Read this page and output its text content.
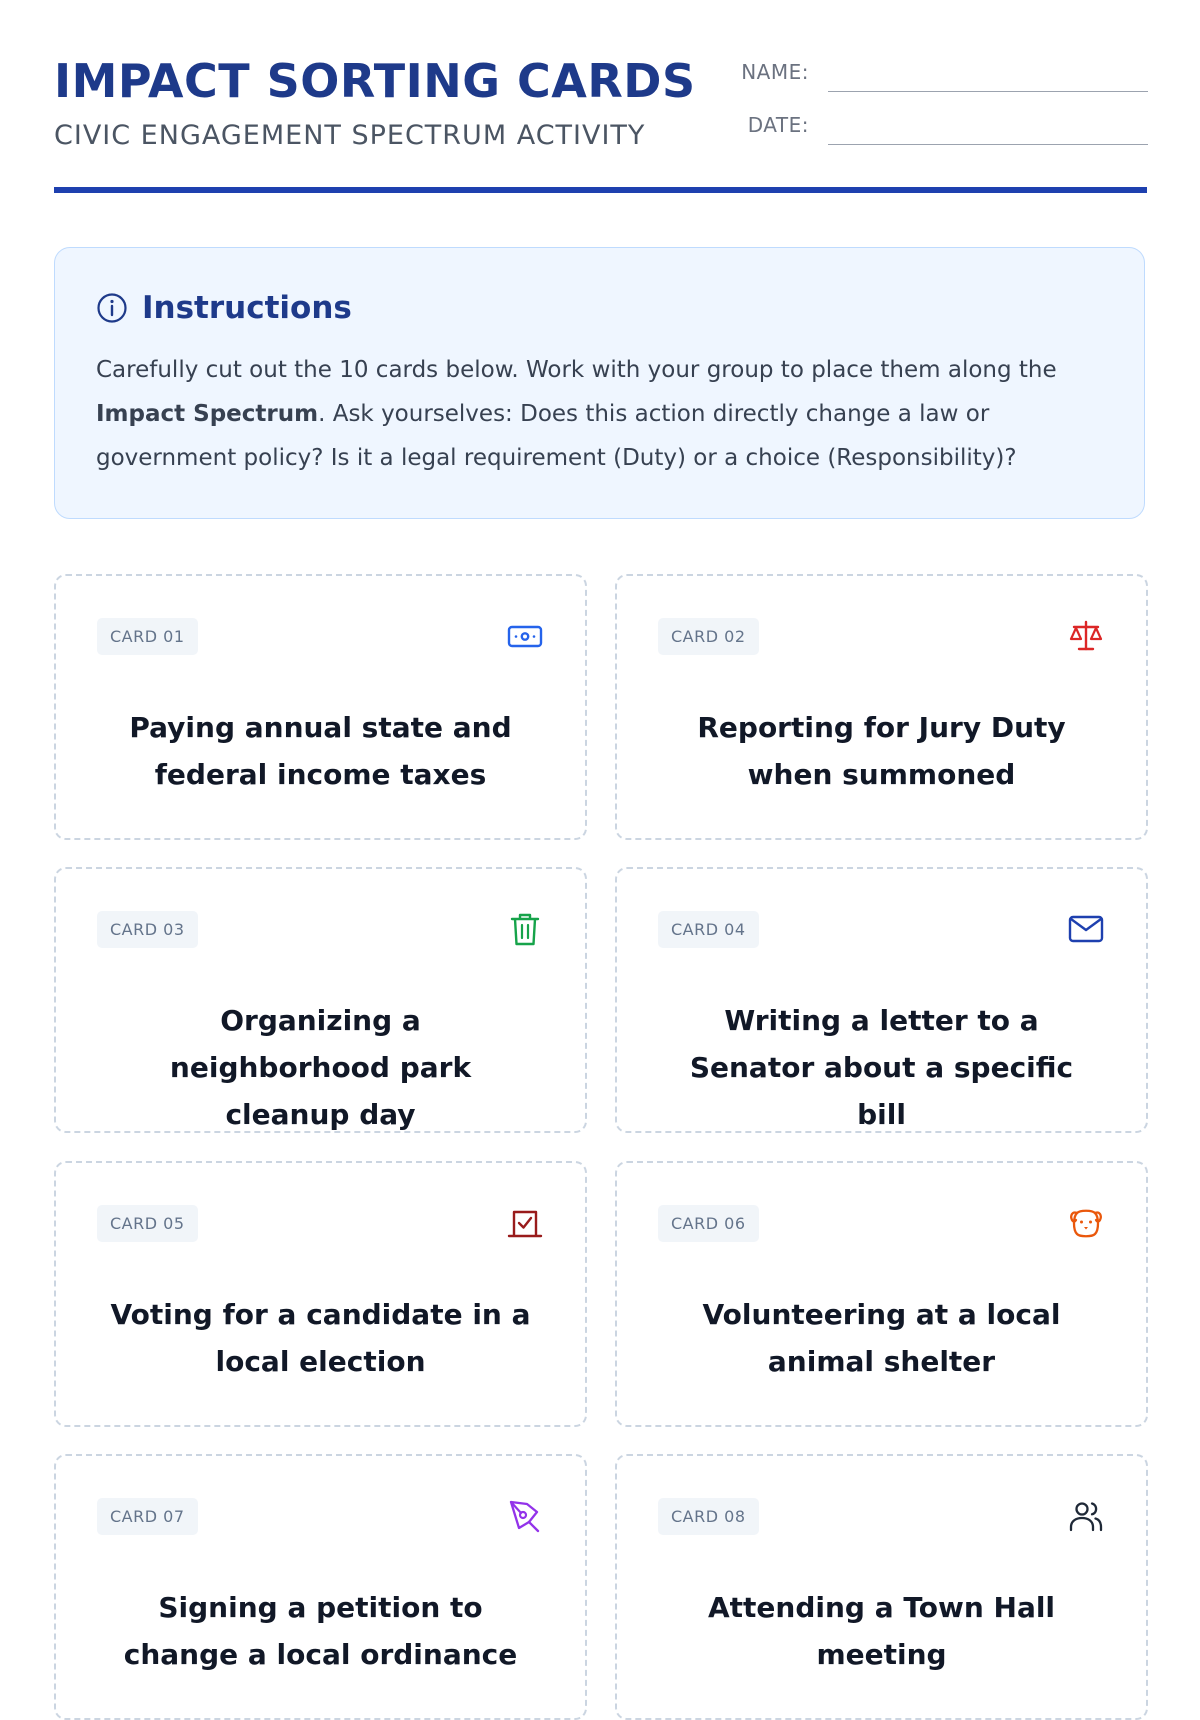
IMPACT SORTING CARDS
CIVIC ENGAGEMENT SPECTRUM ACTIVITY
NAME:
DATE:
Instructions
Carefully cut out the 10 cards below. Work with your group to place them along the Impact Spectrum. Ask yourselves: Does this action directly change a law or government policy? Is it a legal requirement (Duty) or a choice (Responsibility)?
CARD 01
Paying annual state and federal income taxes
CARD 02
Reporting for Jury Duty when summoned
CARD 03
Organizing a neighborhood park cleanup day
CARD 04
Writing a letter to a Senator about a specific bill
CARD 05
Voting for a candidate in a local election
CARD 06
Volunteering at a local animal shelter
CARD 07
Signing a petition to change a local ordinance
CARD 08
Attending a Town Hall meeting
